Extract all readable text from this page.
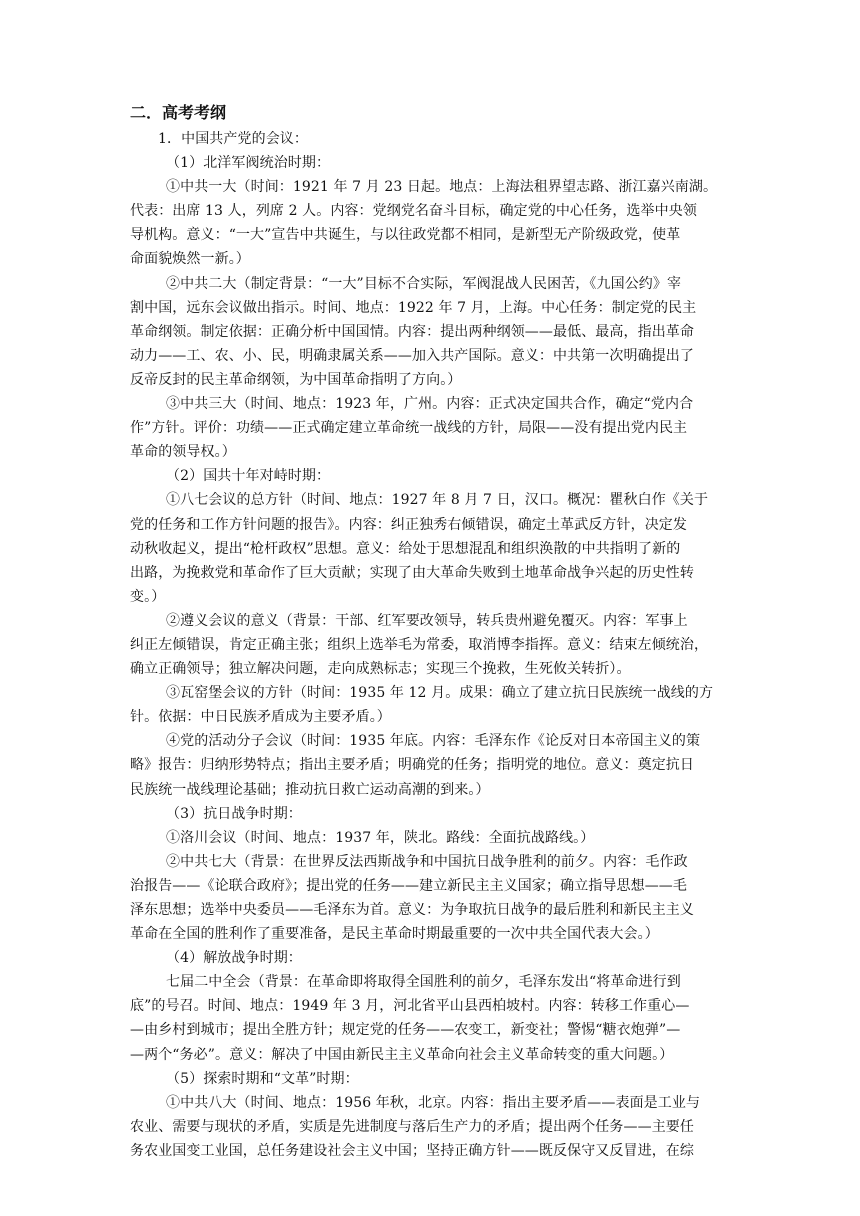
二．高考考纲
1．中国共产党的会议：
（1）北洋军阀统治时期：
①中共一大（时间：1921 年 7 月 23 日起。地点：上海法租界望志路、浙江嘉兴南湖。
代表：出席 13 人，列席 2 人。内容：党纲党名奋斗目标，确定党的中心任务，选举中央领
导机构。意义：“一大”宣告中共诞生，与以往政党都不相同，是新型无产阶级政党，使革
命面貌焕然一新。）
②中共二大（制定背景：“一大”目标不合实际，军阀混战人民困苦，《九国公约》宰
割中国，远东会议做出指示。时间、地点：1922 年 7 月，上海。中心任务：制定党的民主
革命纲领。制定依据：正确分析中国国情。内容：提出两种纲领——最低、最高，指出革命
动力——工、农、小、民，明确隶属关系——加入共产国际。意义：中共第一次明确提出了
反帝反封的民主革命纲领，为中国革命指明了方向。）
③中共三大（时间、地点：1923 年，广州。内容：正式决定国共合作，确定“党内合
作”方针。评价：功绩——正式确定建立革命统一战线的方针，局限——没有提出党内民主
革命的领导权。）
（2）国共十年对峙时期：
①八七会议的总方针（时间、地点：1927 年 8 月 7 日，汉口。概况：瞿秋白作《关于
党的任务和工作方针问题的报告》。内容：纠正独秀右倾错误，确定土革武反方针，决定发
动秋收起义，提出“枪杆政权”思想。意义：给处于思想混乱和组织涣散的中共指明了新的
出路，为挽救党和革命作了巨大贡献；实现了由大革命失败到土地革命战争兴起的历史性转
变。）
②遵义会议的意义（背景：干部、红军要改领导，转兵贵州避免覆灭。内容：军事上
纠正左倾错误，肯定正确主张；组织上选举毛为常委，取消博李指挥。意义：结束左倾统治，
确立正确领导；独立解决问题，走向成熟标志；实现三个挽救，生死攸关转折）。
③瓦窑堡会议的方针（时间：1935 年 12 月。成果：确立了建立抗日民族统一战线的方
针。依据：中日民族矛盾成为主要矛盾。）
④党的活动分子会议（时间：1935 年底。内容：毛泽东作《论反对日本帝国主义的策
略》报告：归纳形势特点；指出主要矛盾；明确党的任务；指明党的地位。意义：奠定抗日
民族统一战线理论基础；推动抗日救亡运动高潮的到来。）
（3）抗日战争时期：
①洛川会议（时间、地点：1937 年，陕北。路线：全面抗战路线。）
②中共七大（背景：在世界反法西斯战争和中国抗日战争胜利的前夕。内容：毛作政
治报告——《论联合政府》；提出党的任务——建立新民主主义国家；确立指导思想——毛
泽东思想；选举中央委员——毛泽东为首。意义：为争取抗日战争的最后胜利和新民主主义
革命在全国的胜利作了重要准备，是民主革命时期最重要的一次中共全国代表大会。）
（4）解放战争时期：
七届二中全会（背景：在革命即将取得全国胜利的前夕，毛泽东发出“将革命进行到
底”的号召。时间、地点：1949 年 3 月，河北省平山县西柏坡村。内容：转移工作重心—
—由乡村到城市；提出全胜方针；规定党的任务——农变工，新变社；警惕“糖衣炮弹”—
—两个“务必”。意义：解决了中国由新民主主义革命向社会主义革命转变的重大问题。）
（5）探索时期和“文革”时期：
①中共八大（时间、地点：1956 年秋，北京。内容：指出主要矛盾——表面是工业与
农业、需要与现状的矛盾，实质是先进制度与落后生产力的矛盾；提出两个任务——主要任
务农业国变工业国，总任务建设社会主义中国；坚持正确方针——既反保守又反冒进，在综
